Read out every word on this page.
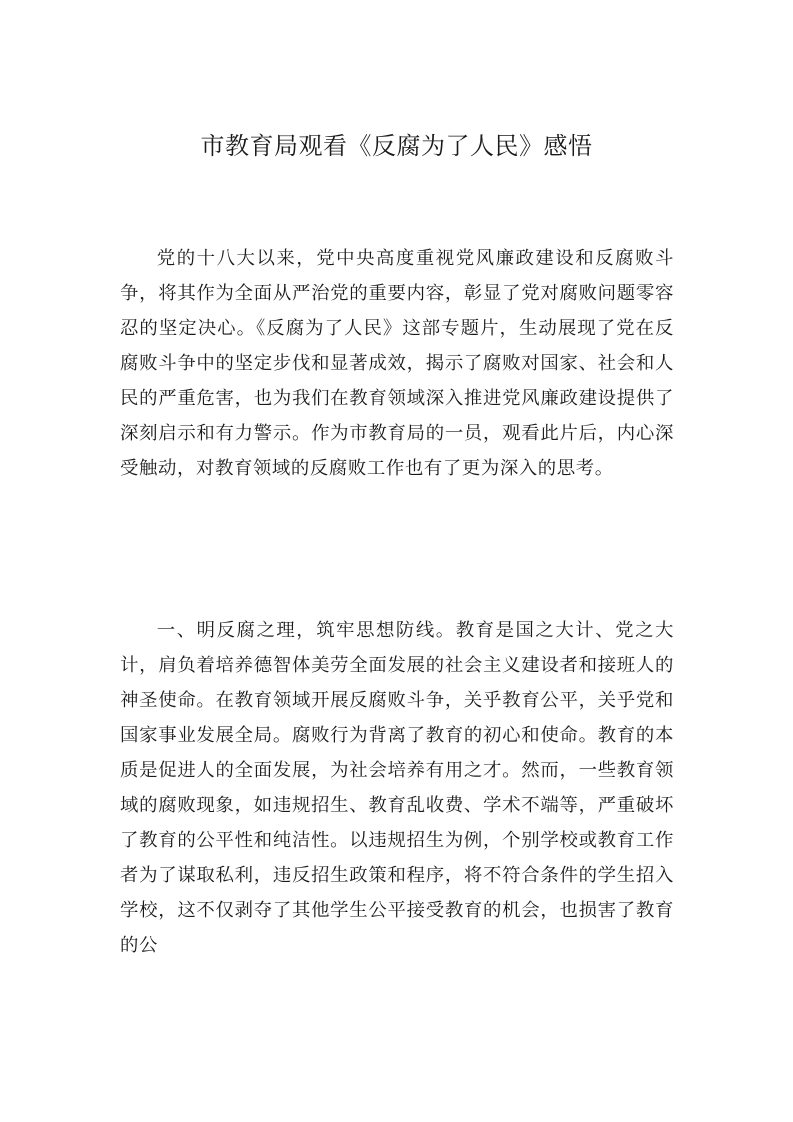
市教育局观看《反腐为了人民》感悟

党的十八大以来，党中央高度重视党风廉政建设和反腐败斗争，将其作为全面从严治党的重要内容，彰显了党对腐败问题零容忍的坚定决心。《反腐为了人民》这部专题片，生动展现了党在反腐败斗争中的坚定步伐和显著成效，揭示了腐败对国家、社会和人民的严重危害，也为我们在教育领域深入推进党风廉政建设提供了深刻启示和有力警示。作为市教育局的一员，观看此片后，内心深受触动，对教育领域的反腐败工作也有了更为深入的思考。

一、明反腐之理，筑牢思想防线。教育是国之大计、党之大计，肩负着培养德智体美劳全面发展的社会主义建设者和接班人的神圣使命。在教育领域开展反腐败斗争，关乎教育公平，关乎党和国家事业发展全局。腐败行为背离了教育的初心和使命。教育的本质是促进人的全面发展，为社会培养有用之才。然而，一些教育领域的腐败现象，如违规招生、教育乱收费、学术不端等，严重破坏了教育的公平性和纯洁性。以违规招生为例，个别学校或教育工作者为了谋取私利，违反招生政策和程序，将不符合条件的学生招入学校，这不仅剥夺了其他学生公平接受教育的机会，也损害了教育的公
